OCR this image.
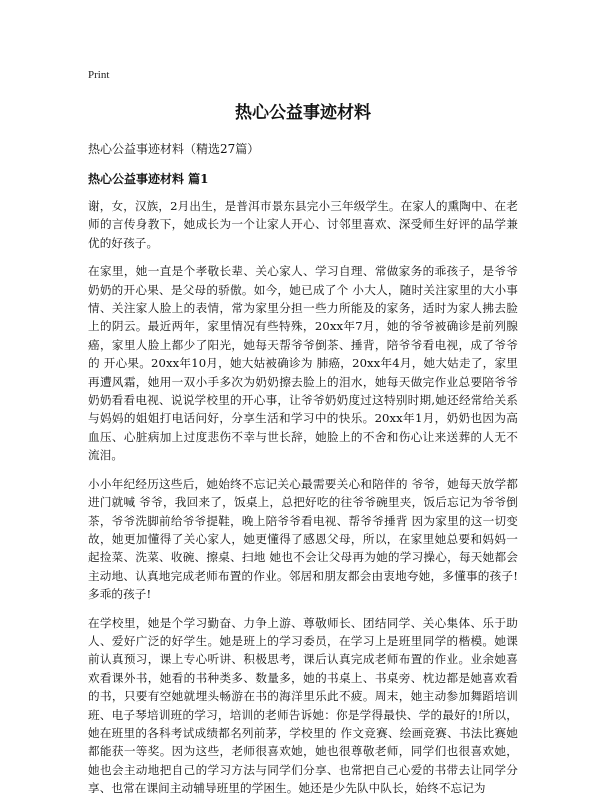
Print
热心公益事迹材料
热心公益事迹材料（精选27篇）
热心公益事迹材料 篇1

谢，女，汉族，2月出生，是普洱市景东县完小三年级学生。在家人的熏陶中、在老师的言传身教下，她成长为一个让家人开心、讨邻里喜欢、深受师生好评的品学兼优的好孩子。

在家里，她一直是个孝敬长辈、关心家人、学习自理、常做家务的乖孩子，是爷爷奶奶的开心果、是父母的骄傲。如今，她已成了个 小大人，随时关注家里的大小事情、关注家人脸上的表情，常为家里分担一些力所能及的家务，适时为家人拂去脸上的阴云。最近两年，家里情况有些特殊，20xx年7月，她的爷爷被确诊是前列腺癌，家里人脸上都少了阳光，她每天帮爷爷倒茶、捶背，陪爷爷看电视，成了爷爷的 开心果。20xx年10月，她大姑被确诊为 肺癌，20xx年4月，她大姑走了，家里再遭风霜，她用一双小手多次为奶奶擦去脸上的泪水，她每天做完作业总要陪爷爷奶奶看看电视、说说学校里的开心事，让爷爷奶奶度过这特别时期,她还经常给关系与妈妈的姐姐打电话问好，分享生活和学习中的快乐。20xx年1月，奶奶也因为高血压、心脏病加上过度悲伤不幸与世长辞，她脸上的不舍和伤心让来送葬的人无不流泪。

小小年纪经历这些后，她始终不忘记关心最需要关心和陪伴的 爷爷，她每天放学都进门就喊 爷爷，我回来了，饭桌上，总把好吃的往爷爷碗里夹，饭后忘记为爷爷倒茶，爷爷洗脚前给爷爷提鞋，晚上陪爷爷看电视、帮爷爷捶背 因为家里的这一切变故，她更加懂得了关心家人，她更懂得了感恩父母，所以，在家里她总要和妈妈一起捡菜、洗菜、收碗、擦桌、扫地 她也不会让父母再为她的学习操心，每天她都会主动地、认真地完成老师布置的作业。邻居和朋友都会由衷地夸她，多懂事的孩子!多乖的孩子!

在学校里，她是个学习勤奋、力争上游、尊敬师长、团结同学、关心集体、乐于助人、爱好广泛的好学生。她是班上的学习委员，在学习上是班里同学的楷模。她课前认真预习，课上专心听讲、积极思考，课后认真完成老师布置的作业。业余她喜欢看课外书，她看的书种类多、数量多，她的书桌上、书桌旁、枕边都是她喜欢看的书，只要有空她就埋头畅游在书的海洋里乐此不疲。周末，她主动参加舞蹈培训班、电子琴培训班的学习，培训的老师告诉她：你是学得最快、学的最好的!所以，她在班里的各科考试成绩都名列前茅，学校里的 作文竞赛、绘画竞赛、书法比赛她都能获一等奖。因为这些，老师很喜欢她，她也很尊敬老师，同学们也很喜欢她，她也会主动地把自己的学习方法与同学们分享、也常把自己心爱的书带去让同学分享、也常在课间主动辅导班里的学困生。她还是少先队中队长，始终不忘记为
